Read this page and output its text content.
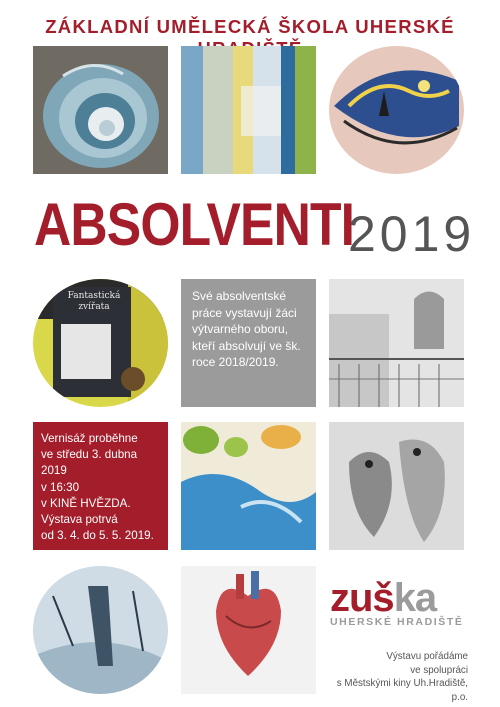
ZÁKLADNÍ UMĚLECKÁ ŠKOLA UHERSKÉ
ABSOLVENTI
2019
Fantastická zvířata

Své absolventské práce vystavují žáci výtvarného oboru, kteří absolvují ve šk. roce 2018/2019.

Vernisáž proběhne
ve středu 3. dubna 2019
v 16:30
v KINĚ HVĚZDA.
Výstava potrvá
od 3. 4. do 5. 5. 2019.

zuška
UHERSKÉ HRADIŠTĚ
Výstavu pořádáme
ve spolupráci
s Městskými kiny Uh.Hradiště, p.o.
